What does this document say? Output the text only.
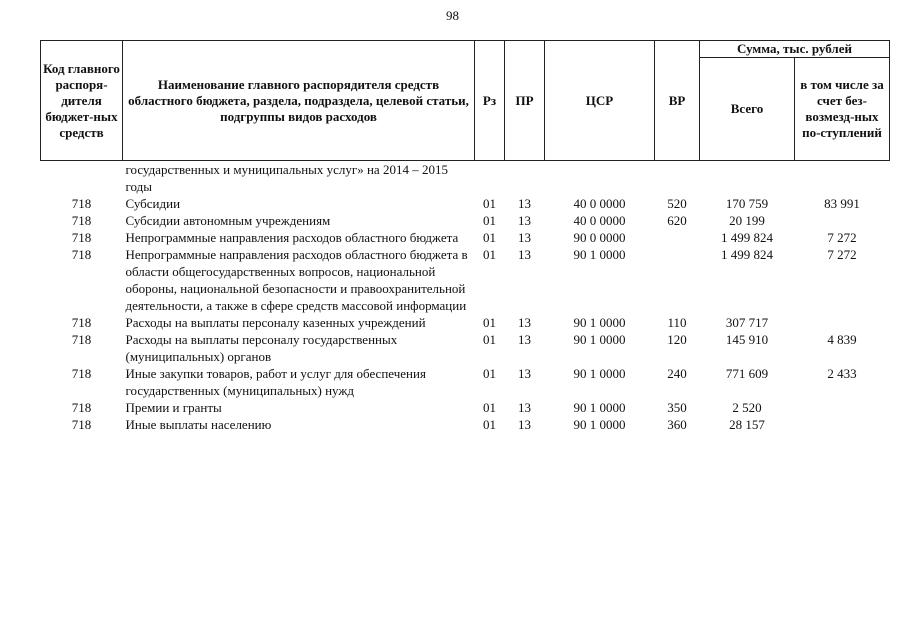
98
Код главного распоря-дителя бюджет-ных средств	Наименование главного распорядителя средств областного бюджета, раздела, подраздела, целевой статьи, подгруппы видов расходов	Рз	ПР	ЦСР	ВР	Сумма, тыс. рублей	
						Всего	в том числе за счет без-возмезд-ных по-ступлений
	государственных и муниципальных услуг» на 2014 – 2015 годы						
718	Субсидии	01	13	40 0 0000	520	170 759	83 991
718	Субсидии автономным учреждениям	01	13	40 0 0000	620	20 199	
718	Непрограммные направления расходов областного бюджета	01	13	90 0 0000		1 499 824	7 272
718	Непрограммные направления расходов областного бюджета в области общегосударственных вопросов, национальной обороны, национальной безопасности и правоохранительной деятельности, а также в сфере средств массовой информации	01	13	90 1 0000		1 499 824	7 272
718	Расходы на выплаты персоналу казенных учреждений	01	13	90 1 0000	110	307 717	
718	Расходы на выплаты персоналу государственных (муниципальных) органов	01	13	90 1 0000	120	145 910	4 839
718	Иные закупки товаров, работ и услуг для обеспечения государственных (муниципальных) нужд	01	13	90 1 0000	240	771 609	2 433
718	Премии и гранты	01	13	90 1 0000	350	2 520	
718	Иные выплаты населению	01	13	90 1 0000	360	28 157	
